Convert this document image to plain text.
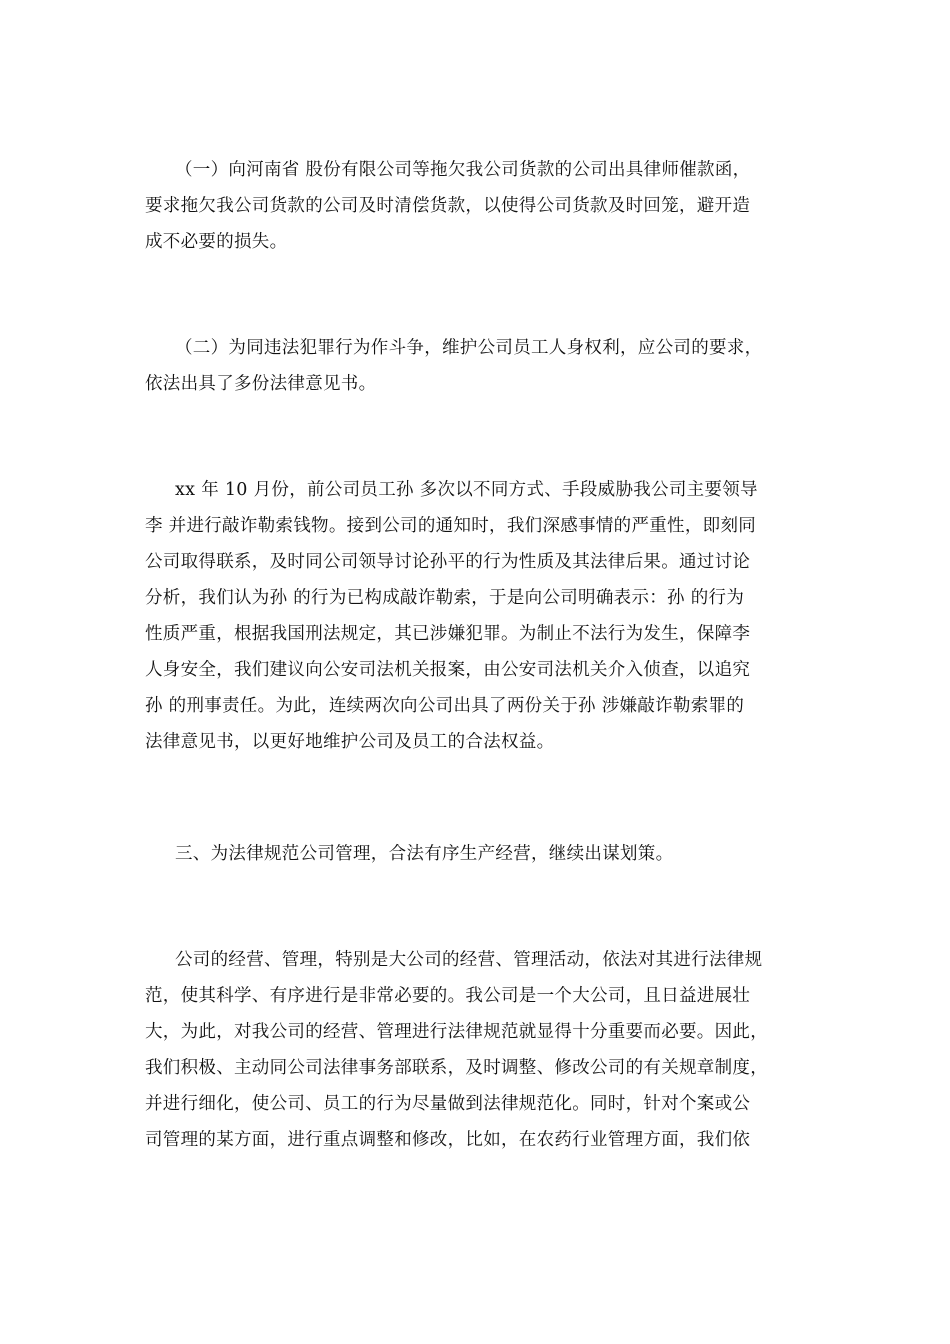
（一）向河南省 股份有限公司等拖欠我公司货款的公司出具律师催款函，
要求拖欠我公司货款的公司及时清偿货款，以使得公司货款及时回笼，避开造
成不必要的损失。

（二）为同违法犯罪行为作斗争，维护公司员工人身权利，应公司的要求，
依法出具了多份法律意见书。

xx 年 10 月份，前公司员工孙 多次以不同方式、手段威胁我公司主要领导
李 并进行敲诈勒索钱物。接到公司的通知时，我们深感事情的严重性，即刻同
公司取得联系，及时同公司领导讨论孙平的行为性质及其法律后果。通过讨论
分析，我们认为孙 的行为已构成敲诈勒索，于是向公司明确表示：孙 的行为
性质严重，根据我国刑法规定，其已涉嫌犯罪。为制止不法行为发生，保障李
人身安全，我们建议向公安司法机关报案，由公安司法机关介入侦查，以追究
孙 的刑事责任。为此，连续两次向公司出具了两份关于孙 涉嫌敲诈勒索罪的
法律意见书，以更好地维护公司及员工的合法权益。

三、为法律规范公司管理，合法有序生产经营，继续出谋划策。

公司的经营、管理，特别是大公司的经营、管理活动，依法对其进行法律规
范，使其科学、有序进行是非常必要的。我公司是一个大公司，且日益进展壮
大，为此，对我公司的经营、管理进行法律规范就显得十分重要而必要。因此，
我们积极、主动同公司法律事务部联系，及时调整、修改公司的有关规章制度，
并进行细化，使公司、员工的行为尽量做到法律规范化。同时，针对个案或公
司管理的某方面，进行重点调整和修改，比如，在农药行业管理方面，我们依
